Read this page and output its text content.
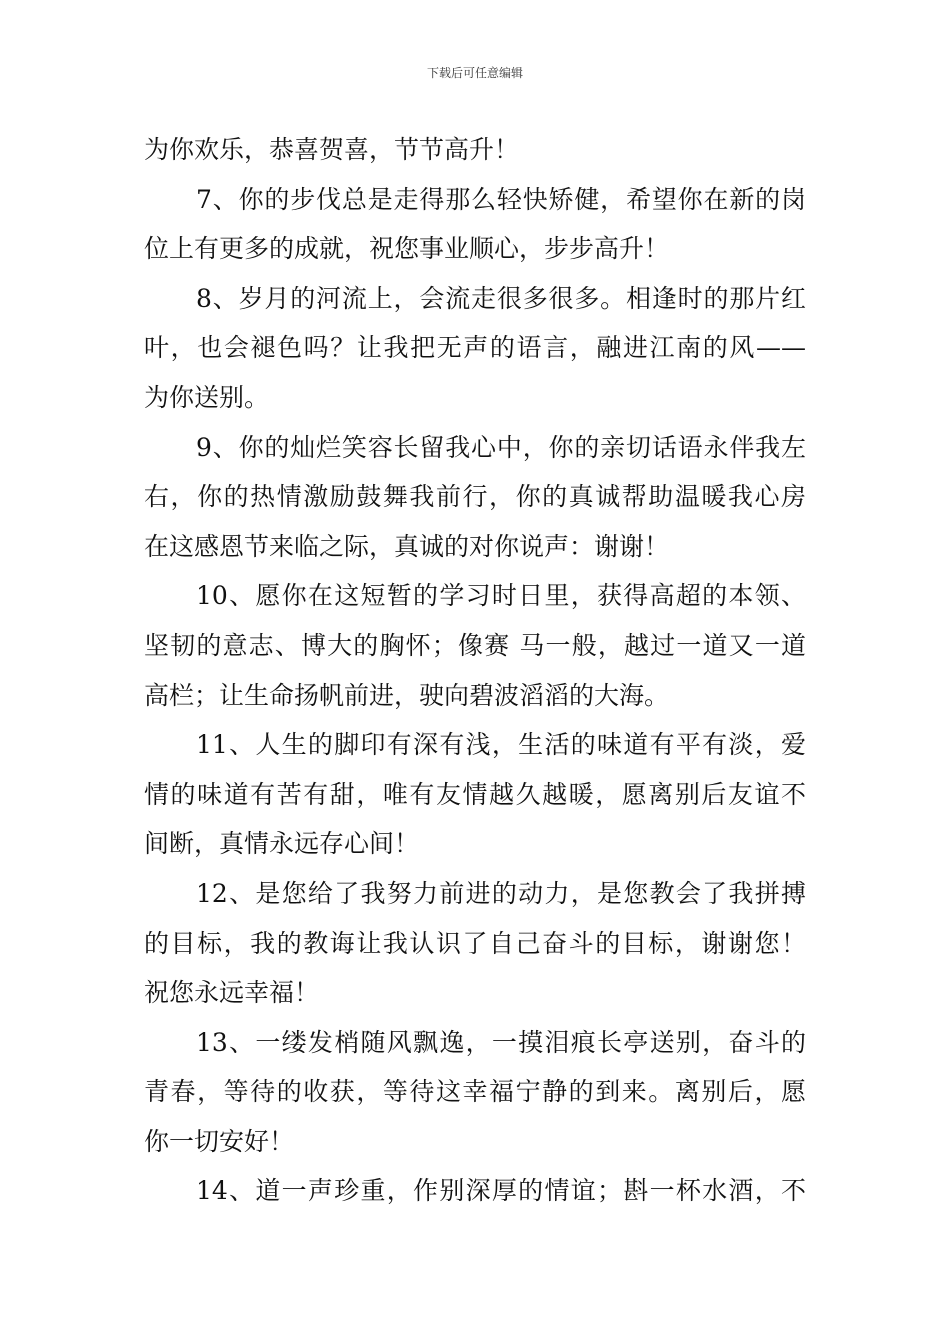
下载后可任意编辑
为你欢乐，恭喜贺喜，节节高升！
7、你的步伐总是走得那么轻快矫健，希望你在新的岗
位上有更多的成就，祝您事业顺心，步步高升！
8、岁月的河流上，会流走很多很多。相逢时的那片红
叶，也会褪色吗？让我把无声的语言，融进江南的风——
为你送别。
9、你的灿烂笑容长留我心中，你的亲切话语永伴我左
右，你的热情激励鼓舞我前行，你的真诚帮助温暖我心房
在这感恩节来临之际，真诚的对你说声：谢谢！
10、愿你在这短暂的学习时日里，获得高超的本领、
坚韧的意志、博大的胸怀；像赛 马一般，越过一道又一道
高栏；让生命扬帆前进，驶向碧波滔滔的大海。
11、人生的脚印有深有浅，生活的味道有平有淡，爱
情的味道有苦有甜，唯有友情越久越暖，愿离别后友谊不
间断，真情永远存心间！
12、是您给了我努力前进的动力，是您教会了我拼搏
的目标，我的教诲让我认识了自己奋斗的目标，谢谢您！
祝您永远幸福！
13、一缕发梢随风飘逸，一摸泪痕长亭送别，奋斗的
青春，等待的收获，等待这幸福宁静的到来。离别后，愿
你一切安好！
14、道一声珍重，作别深厚的情谊；斟一杯水酒，不
